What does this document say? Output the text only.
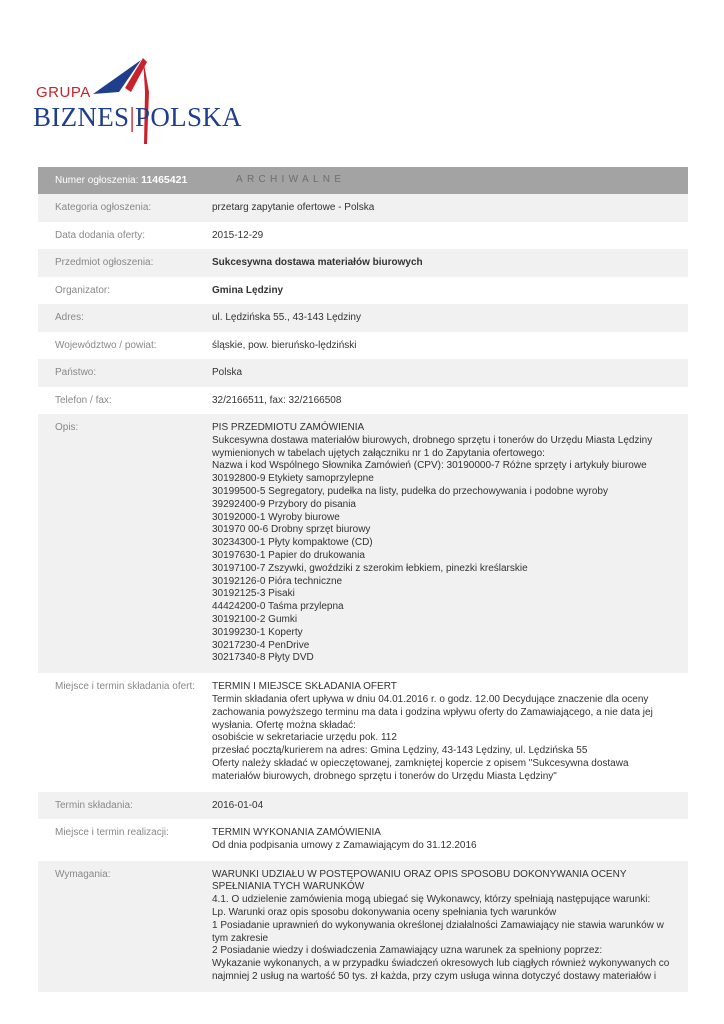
GRUPA
BIZNES|POLSKA
Numer ogłoszenia: 11465421	ARCHIWALNE
Kategoria ogłoszenia:	przetarg zapytanie ofertowe - Polska
Data dodania oferty:	2015-12-29
Przedmiot ogłoszenia:	Sukcesywna dostawa materiałów biurowych
Organizator:	Gmina Lędziny
Adres:	ul. Lędzińska 55., 43-143 Lędziny
Województwo / powiat:	śląskie, pow. bieruńsko-lędziński
Państwo:	Polska
Telefon / fax:	32/2166511, fax: 32/2166508
Opis:	PIS PRZEDMIOTU ZAMÓWIENIA
Sukcesywna dostawa materiałów biurowych, drobnego sprzętu i tonerów do Urzędu Miasta Lędziny wymienionych w tabelach ujętych załączniku nr 1 do Zapytania ofertowego:
Nazwa i kod Wspólnego Słownika Zamówień (CPV): 30190000-7 Różne sprzęty i artykuły biurowe
30192800-9 Etykiety samoprzylepne
30199500-5 Segregatory, pudełka na listy, pudełka do przechowywania i podobne wyroby
39292400-9 Przybory do pisania
30192000-1 Wyroby biurowe
301970 00-6 Drobny sprzęt biurowy
30234300-1 Płyty kompaktowe (CD)
30197630-1 Papier do drukowania
30197100-7 Zszywki, gwoździki z szerokim łebkiem, pinezki kreślarskie
30192126-0 Pióra techniczne
30192125-3 Pisaki
44424200-0 Taśma przylepna
30192100-2 Gumki
30199230-1 Koperty
30217230-4 PenDrive
30217340-8 Płyty DVD
Miejsce i termin składania ofert: TERMIN I MIEJSCE SKŁADANIA OFERT
Termin składania ofert upływa w dniu 04.01.2016 r. o godz. 12.00 Decydujące znaczenie dla oceny zachowania powyższego terminu ma data i godzina wpływu oferty do Zamawiającego, a nie data jej wysłania. Ofertę można składać:
osobiście w sekretariacie urzędu pok. 112
przesłać pocztą/kurierem na adres: Gmina Lędziny, 43-143 Lędziny, ul. Lędzińska 55
Oferty należy składać w opieczętowanej, zamkniętej kopercie z opisem "Sukcesywna dostawa materiałów biurowych, drobnego sprzętu i tonerów do Urzędu Miasta Lędziny"
Termin składania:	2016-01-04
Miejsce i termin realizacji:	TERMIN WYKONANIA ZAMÓWIENIA
Od dnia podpisania umowy z Zamawiającym do 31.12.2016
Wymagania:	WARUNKI UDZIAŁU W POSTĘPOWANIU ORAZ OPIS SPOSOBU DOKONYWANIA OCENY SPEŁNIANIA TYCH WARUNKÓW
4.1. O udzielenie zamówienia mogą ubiegać się Wykonawcy, którzy spełniają następujące warunki:
Lp. Warunki oraz opis sposobu dokonywania oceny spełniania tych warunków
1 Posiadanie uprawnień do wykonywania określonej działalności Zamawiający nie stawia warunków w tym zakresie
2 Posiadanie wiedzy i doświadczenia Zamawiający uzna warunek za spełniony poprzez:
Wykazanie wykonanych, a w przypadku świadczeń okresowych lub ciągłych również wykonywanych co najmniej 2 usług na wartość 50 tys. zł każda, przy czym usługa winna dotyczyć dostawy materiałów i
